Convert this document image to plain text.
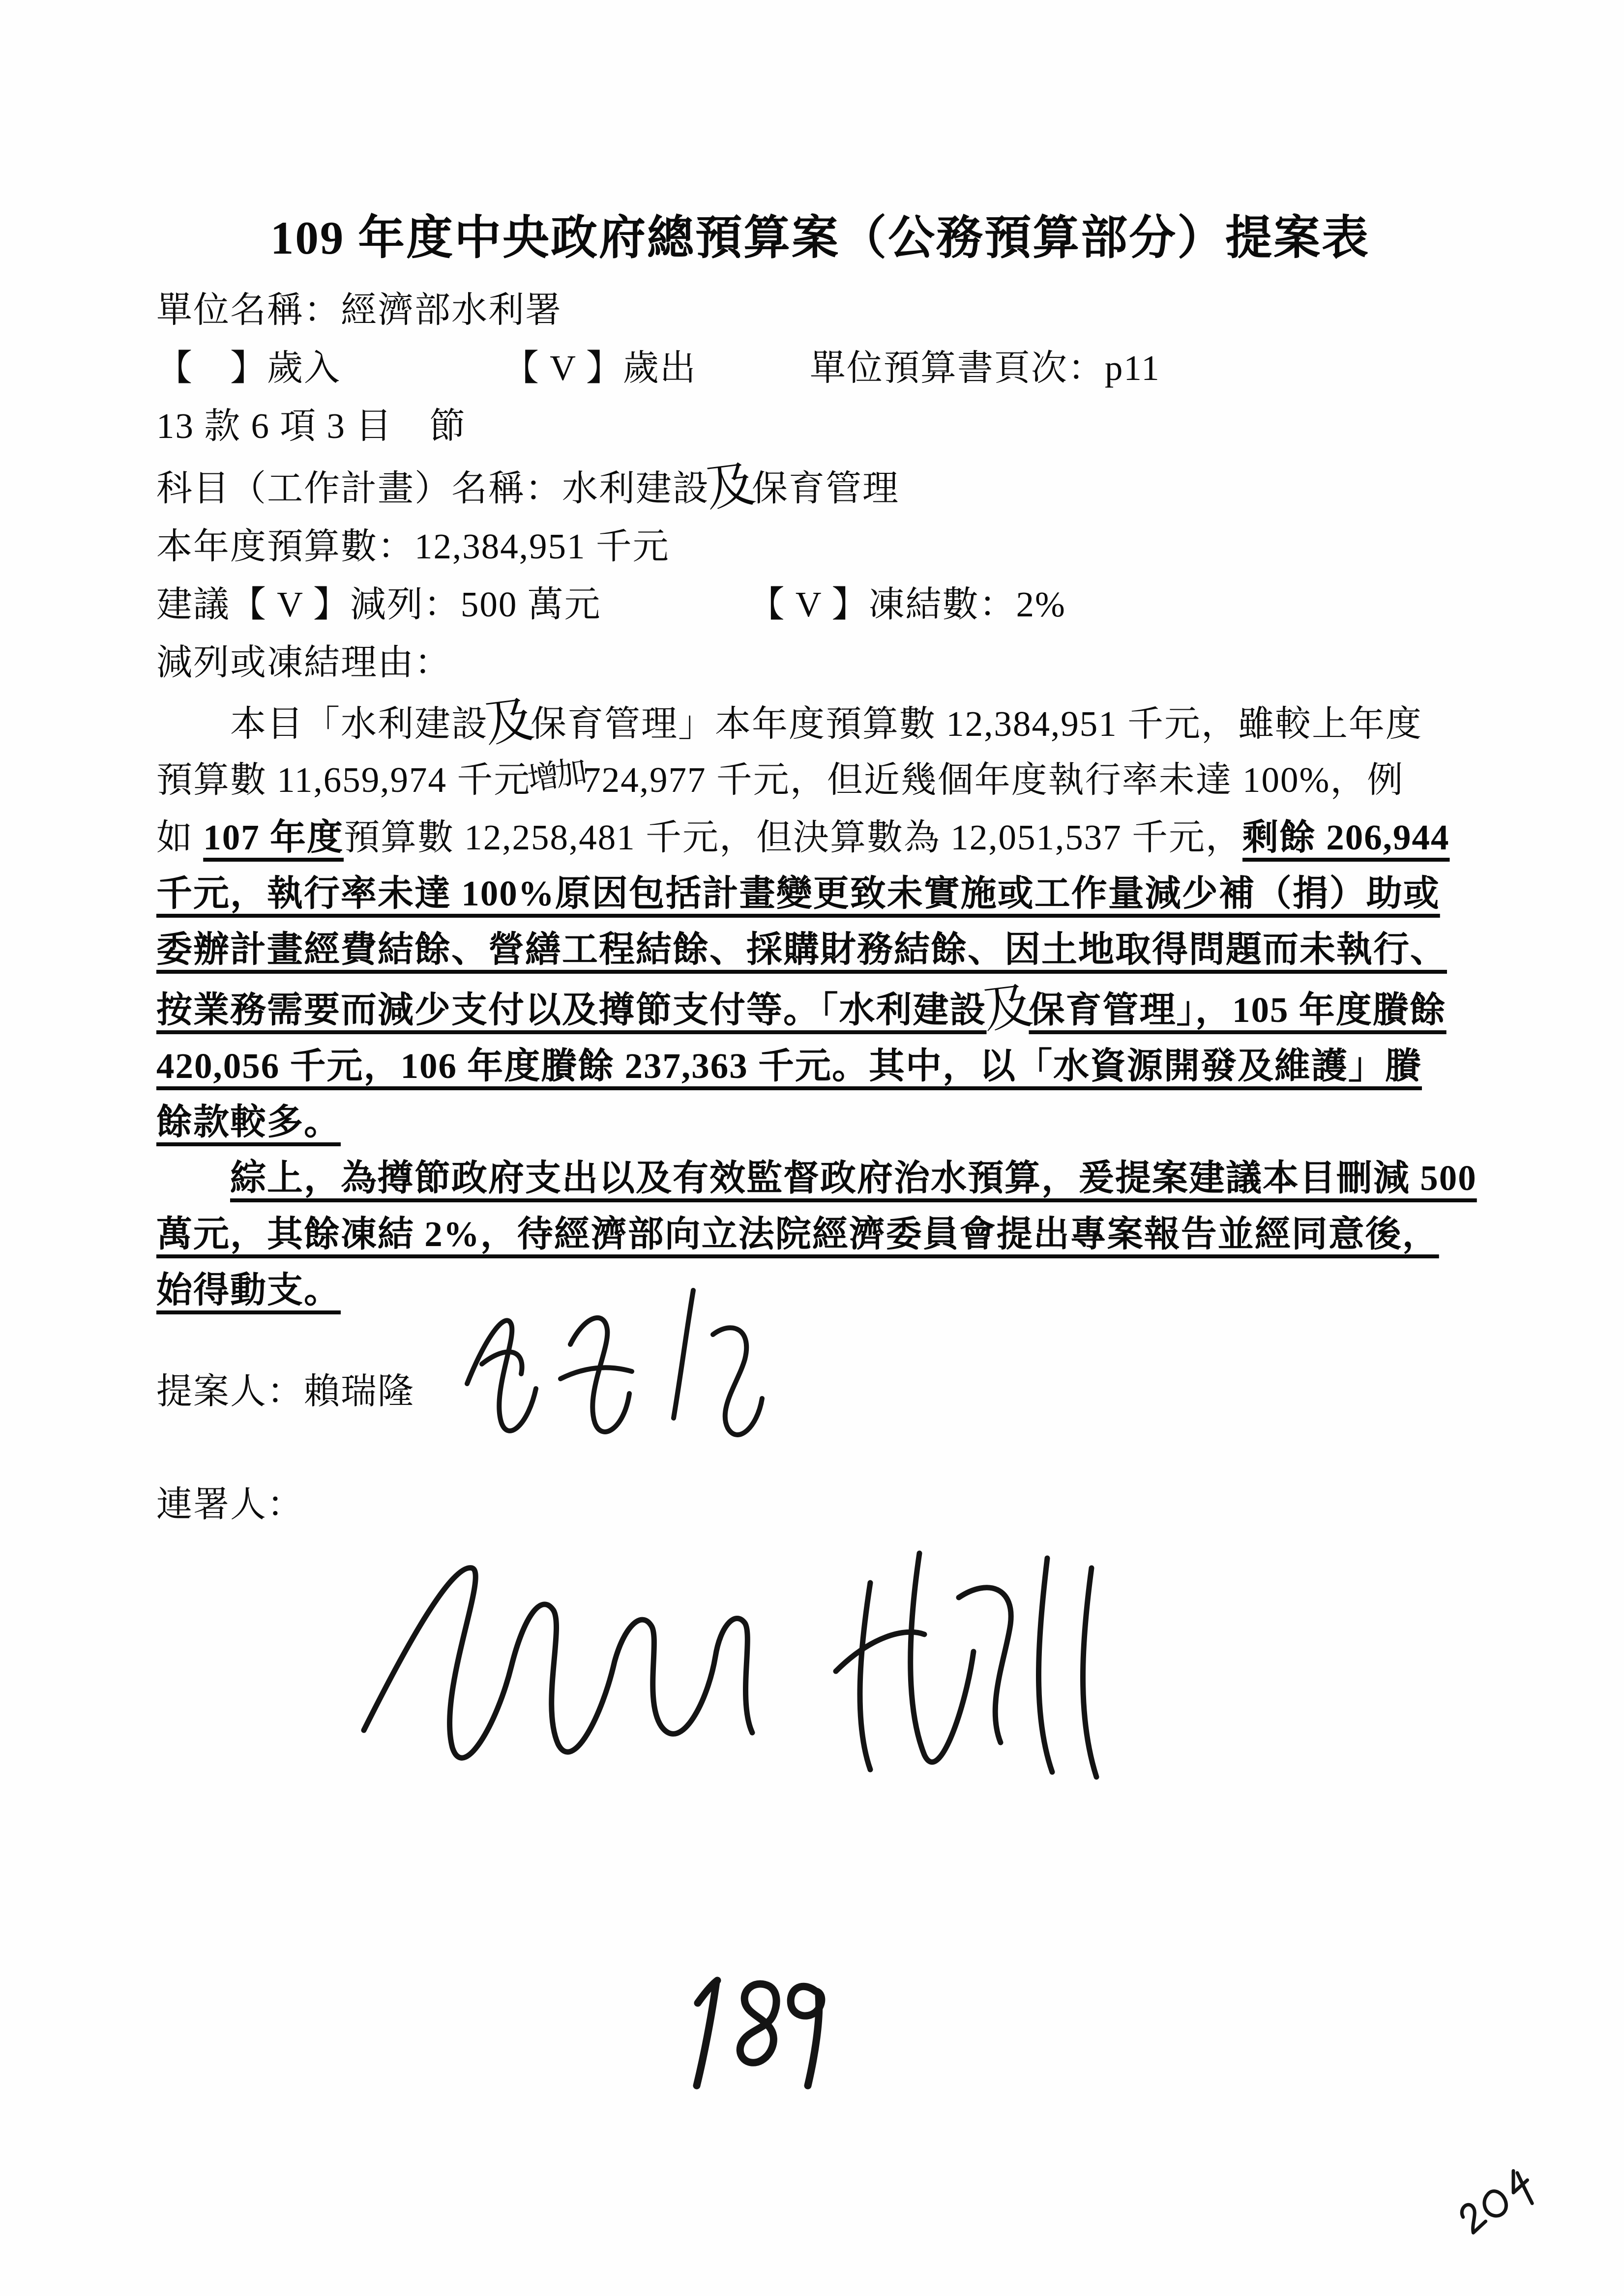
109 年度中央政府總預算案（公務預算部分）提案表
單位名稱：經濟部水利署
【　】歲入	【 V 】歲出	單位預算書頁次：p11
13 款 6 項 3 目　節
科目（工作計畫）名稱：水利建設及保育管理
本年度預算數：12,384,951 千元
建議【 V 】減列：500 萬元	【 V 】凍結數：2%
減列或凍結理由：
本目「水利建設及保育管理」本年度預算數 12,384,951 千元，雖較上年度
預算數 11,659,974 千元增加724,977 千元，但近幾個年度執行率未達 100%，例
如 107 年度預算數 12,258,481 千元，但決算數為 12,051,537 千元，剩餘 206,944
千元，執行率未達 100%原因包括計畫變更致未實施或工作量減少補（捐）助或
委辦計畫經費結餘、營繕工程結餘、採購財務結餘、因土地取得問題而未執行、
按業務需要而減少支付以及撙節支付等。「水利建設及保育管理」，105 年度賸餘
420,056 千元，106 年度賸餘 237,363 千元。其中，以「水資源開發及維護」賸
餘款較多。
綜上，為撙節政府支出以及有效監督政府治水預算，爰提案建議本目刪減 500
萬元，其餘凍結 2%，待經濟部向立法院經濟委員會提出專案報告並經同意後，
始得動支。
提案人：賴瑞隆
連署人：
